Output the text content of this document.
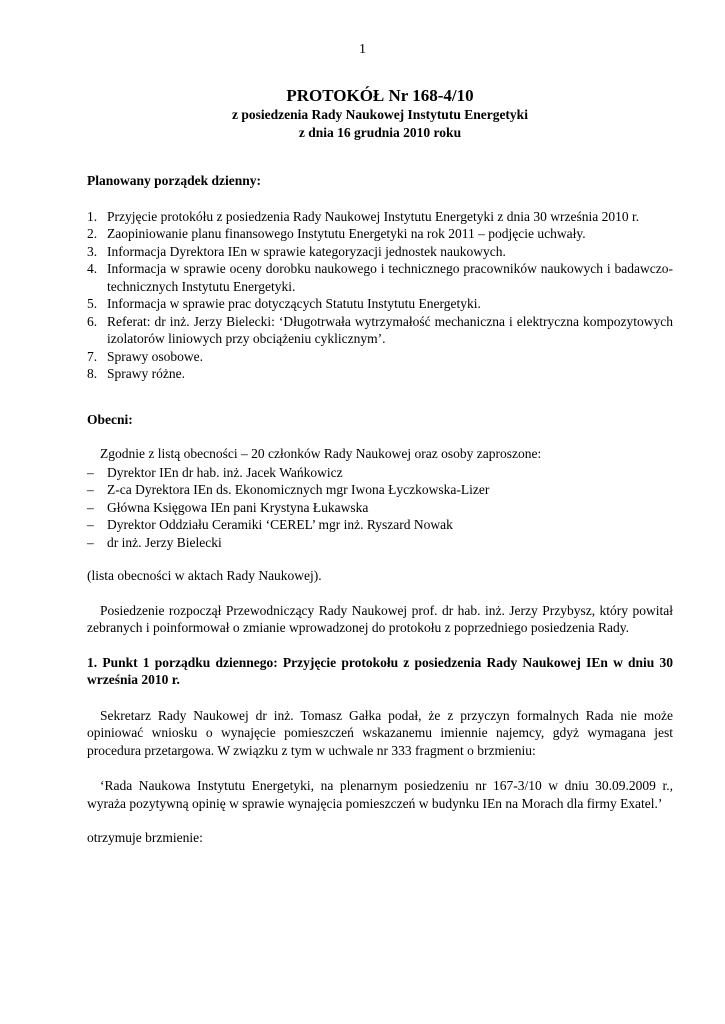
1
PROTOKÓŁ Nr 168-4/10
z posiedzenia Rady Naukowej Instytutu Energetyki
z dnia 16 grudnia 2010 roku

Planowany porządek dzienny:

1. Przyjęcie protokółu z posiedzenia Rady Naukowej Instytutu Energetyki z dnia 30 września 2010 r.
2. Zaopiniowanie planu finansowego Instytutu Energetyki na rok 2011 – podjęcie uchwały.
3. Informacja Dyrektora IEn w sprawie kategoryzacji jednostek naukowych.
4. Informacja w sprawie oceny dorobku naukowego i technicznego pracowników naukowych i badawczo-technicznych Instytutu Energetyki.
5. Informacja w sprawie prac dotyczących Statutu Instytutu Energetyki.
6. Referat: dr inż. Jerzy Bielecki: ‘Długotrwała wytrzymałość mechaniczna i elektryczna kompozytowych izolatorów liniowych przy obciążeniu cyklicznym’.
7. Sprawy osobowe.
8. Sprawy różne.

Obecni:

Zgodnie z listą obecności – 20 członków Rady Naukowej oraz osoby zaproszone:

– Dyrektor IEn dr hab. inż. Jacek Wańkowicz
– Z-ca Dyrektora IEn ds. Ekonomicznych mgr Iwona Łyczkowska-Lizer
– Główna Księgowa IEn pani Krystyna Łukawska
– Dyrektor Oddziału Ceramiki ‘CEREL’ mgr inż. Ryszard Nowak
– dr inż. Jerzy Bielecki

(lista obecności w aktach Rady Naukowej).

Posiedzenie rozpoczął Przewodniczący Rady Naukowej prof. dr hab. inż. Jerzy Przybysz, który powitał zebranych i poinformował o zmianie wprowadzonej do protokołu z poprzedniego posiedzenia Rady.

1. Punkt 1 porządku dziennego: Przyjęcie protokołu z posiedzenia Rady Naukowej IEn w dniu 30 września 2010 r.

Sekretarz Rady Naukowej dr inż. Tomasz Gałka podał, że z przyczyn formalnych Rada nie może opiniować wniosku o wynajęcie pomieszczeń wskazanemu imiennie najemcy, gdyż wymagana jest procedura przetargowa. W związku z tym w uchwale nr 333 fragment o brzmieniu:

‘Rada Naukowa Instytutu Energetyki, na plenarnym posiedzeniu nr 167-3/10 w dniu 30.09.2009 r., wyraża pozytywną opinię w sprawie wynajęcia pomieszczeń w budynku IEn na Morach dla firmy Exatel.’

otrzymuje brzmienie:
